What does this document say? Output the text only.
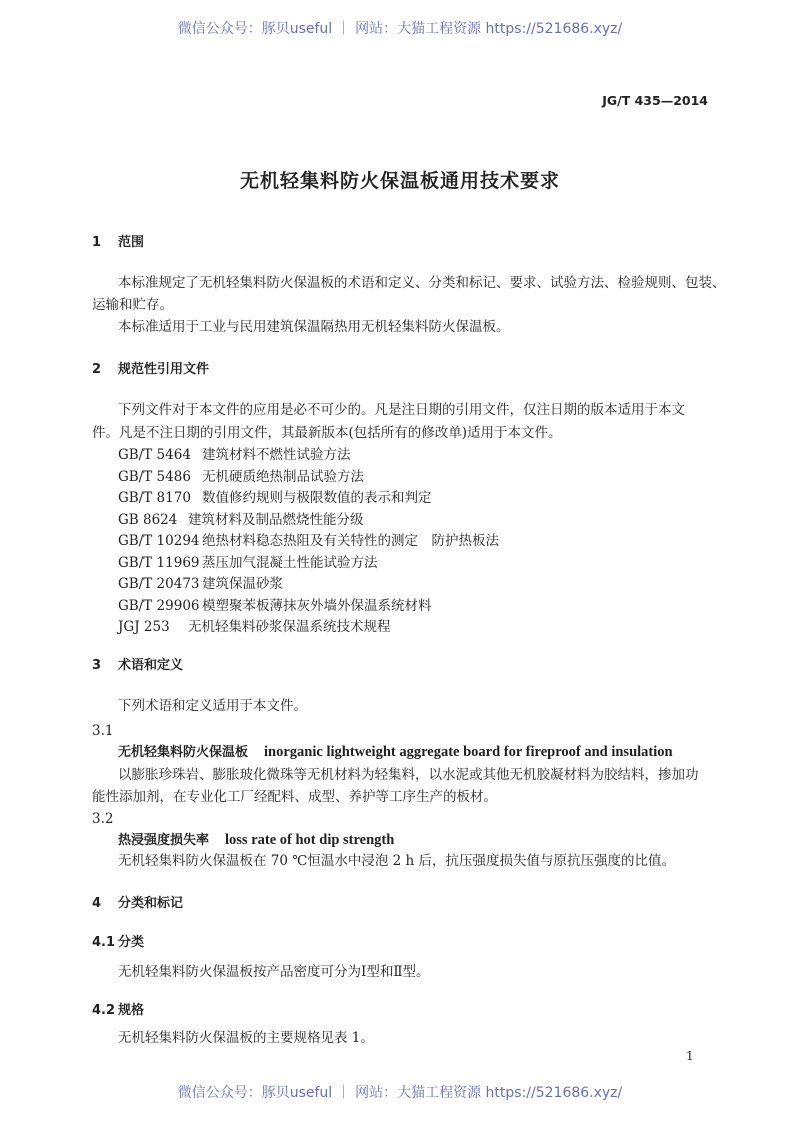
微信公众号：豚贝useful ｜ 网站：大猫工程资源 https://521686.xyz/
JG/T 435—2014
无机轻集料防火保温板通用技术要求
1 范围
本标准规定了无机轻集料防火保温板的术语和定义、分类和标记、要求、试验方法、检验规则、包装、
运输和贮存。
本标准适用于工业与民用建筑保温隔热用无机轻集料防火保温板。
2 规范性引用文件
下列文件对于本文件的应用是必不可少的。凡是注日期的引用文件，仅注日期的版本适用于本文
件。凡是不注日期的引用文件，其最新版本(包括所有的修改单)适用于本文件。
GB/T 5464 建筑材料不燃性试验方法
GB/T 5486 无机硬质绝热制品试验方法
GB/T 8170 数值修约规则与极限数值的表示和判定
GB 8624 建筑材料及制品燃烧性能分级
GB/T 10294 绝热材料稳态热阻及有关特性的测定　防护热板法
GB/T 11969 蒸压加气混凝土性能试验方法
GB/T 20473 建筑保温砂浆
GB/T 29906 模塑聚苯板薄抹灰外墙外保温系统材料
JGJ 253 无机轻集料砂浆保温系统技术规程
3 术语和定义
下列术语和定义适用于本文件。
3.1
无机轻集料防火保温板 inorganic lightweight aggregate board for fireproof and insulation
以膨胀珍珠岩、膨胀玻化微珠等无机材料为轻集料，以水泥或其他无机胶凝材料为胶结料，掺加功
能性添加剂，在专业化工厂经配料、成型、养护等工序生产的板材。
3.2
热浸强度损失率 loss rate of hot dip strength
无机轻集料防火保温板在 70 ℃恒温水中浸泡 2 h 后，抗压强度损失值与原抗压强度的比值。
4 分类和标记
4.1 分类
无机轻集料防火保温板按产品密度可分为Ⅰ型和Ⅱ型。
4.2 规格
无机轻集料防火保温板的主要规格见表 1。
1
微信公众号：豚贝useful ｜ 网站：大猫工程资源 https://521686.xyz/
